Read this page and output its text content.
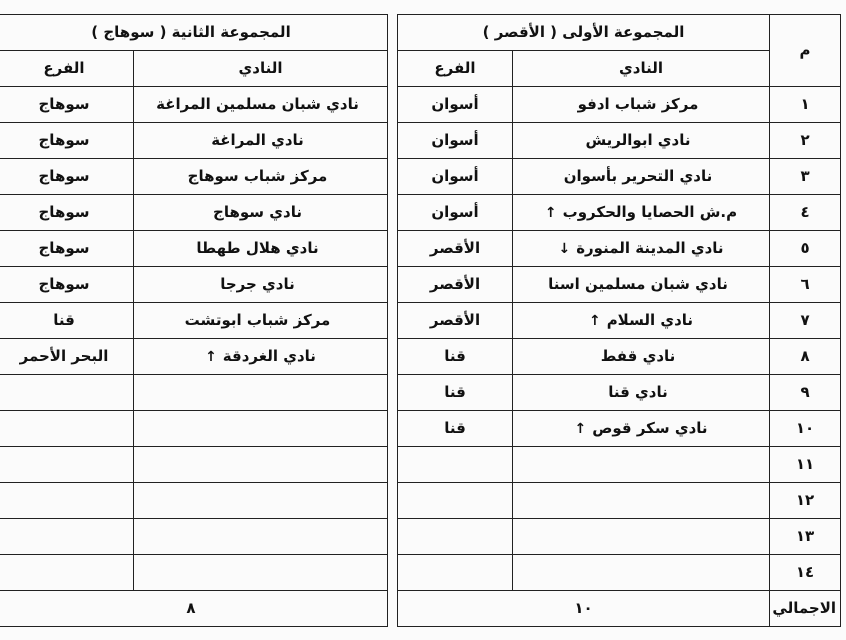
المجموعة الثانية ( سوهاج )			المجموعة الأولى ( الأقصر )		م
الفرع	النادي		الفرع	النادي	
سوهاج	نادي شبان مسلمين المراغة		أسوان	مركز شباب ادفو	١
سوهاج	نادي المراغة		أسوان	نادي ابوالريش	٢
سوهاج	مركز شباب سوهاج		أسوان	نادي التحرير بأسوان	٣
سوهاج	نادي سوهاج		أسوان	م.ش الحصايا والحكروب↑	٤
سوهاج	نادي هلال طهطا		الأقصر	نادي المدينة المنورة↓	٥
سوهاج	نادي جرجا		الأقصر	نادي شبان مسلمين اسنا	٦
قنا	مركز شباب ابوتشت		الأقصر	نادي السلام↑	٧
البحر الأحمر	نادي الغردقة↑		قنا	نادي قفط	٨
			قنا	نادي قنا	٩
			قنا	نادي سكر قوص↑	١٠
					١١
					١٢
					١٣
					١٤
٨			١٠		الاجمالي
